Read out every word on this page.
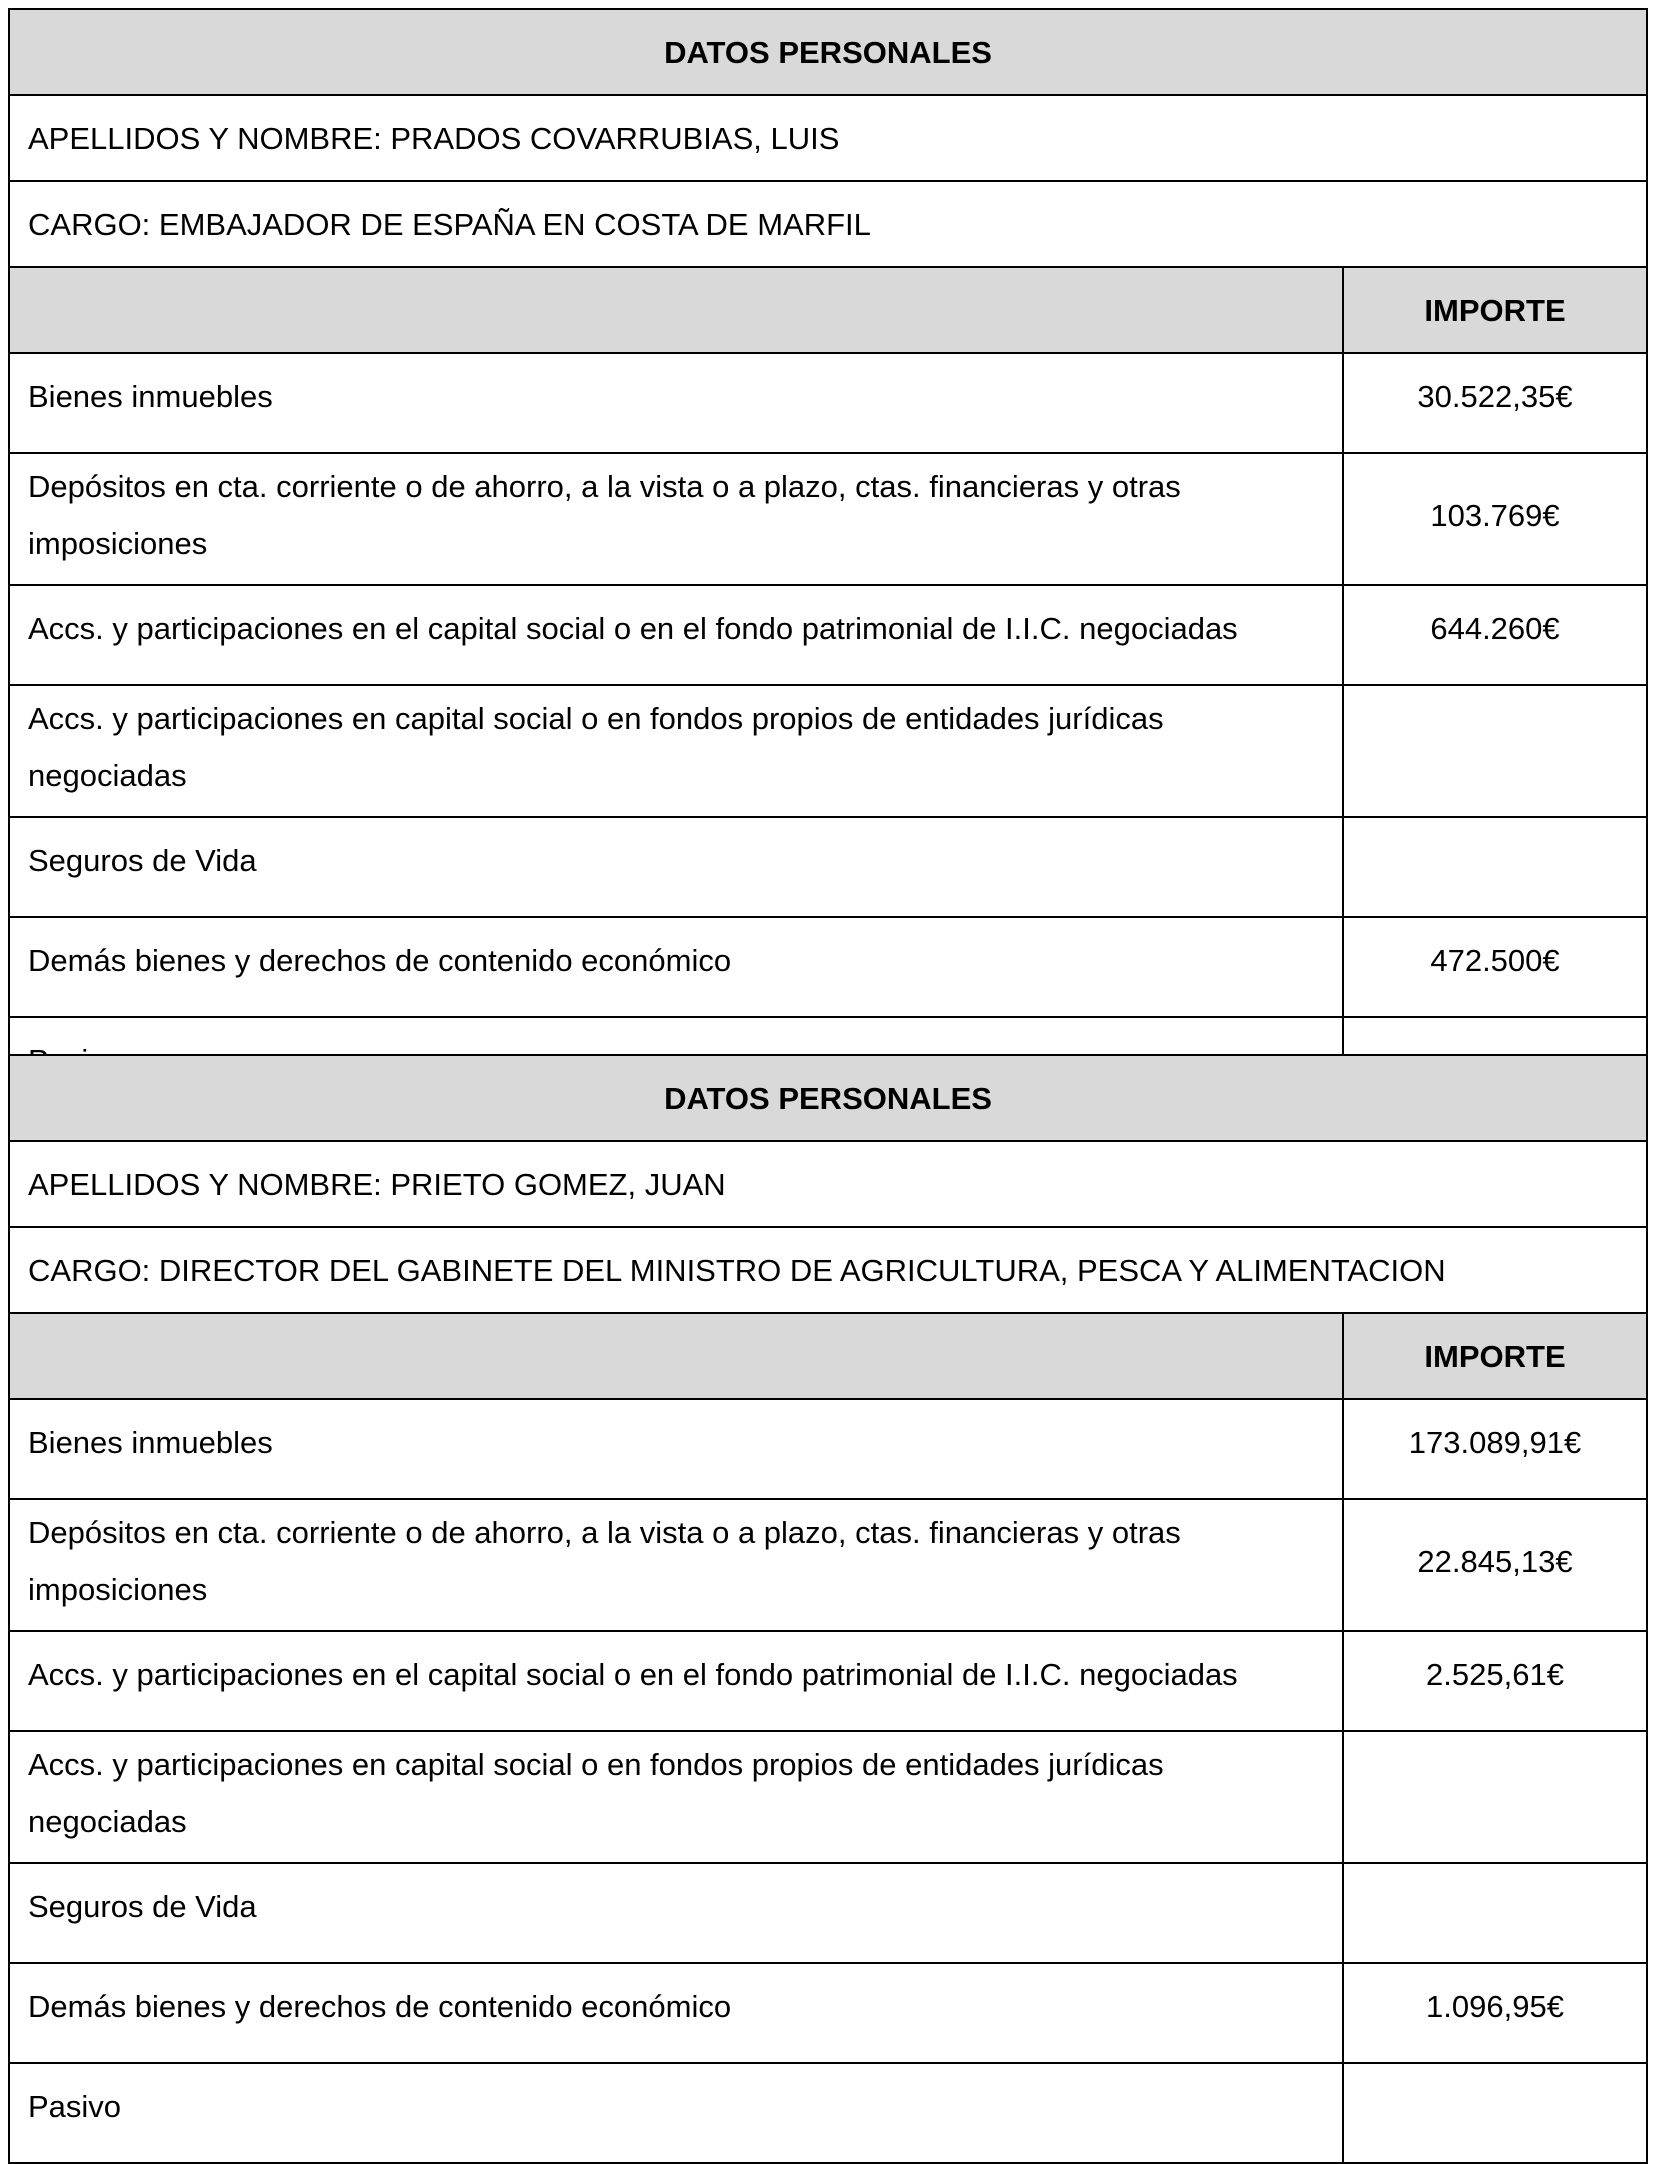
DATOS PERSONALES	
APELLIDOS Y NOMBRE: PRADOS COVARRUBIAS, LUIS	
CARGO: EMBAJADOR DE ESPAÑA EN COSTA DE MARFIL	
	IMPORTE
Bienes inmuebles	30.522,35€
Depósitos en cta. corriente o de ahorro, a la vista o a plazo, ctas. financieras y otras imposiciones	103.769€
Accs. y participaciones en el capital social o en el fondo patrimonial de I.I.C. negociadas	644.260€
Accs. y participaciones en capital social o en fondos propios de entidades jurídicas negociadas	
Seguros de Vida	
Demás bienes y derechos de contenido económico	472.500€

DATOS PERSONALES	
APELLIDOS Y NOMBRE: PRIETO GOMEZ, JUAN	
CARGO: DIRECTOR DEL GABINETE DEL MINISTRO DE AGRICULTURA, PESCA Y ALIMENTACION	
	IMPORTE
Bienes inmuebles	173.089,91€
Depósitos en cta. corriente o de ahorro, a la vista o a plazo, ctas. financieras y otras imposiciones	22.845,13€
Accs. y participaciones en el capital social o en el fondo patrimonial de I.I.C. negociadas	2.525,61€
Accs. y participaciones en capital social o en fondos propios de entidades jurídicas negociadas	
Seguros de Vida	
Demás bienes y derechos de contenido económico	1.096,95€
Pasivo	
